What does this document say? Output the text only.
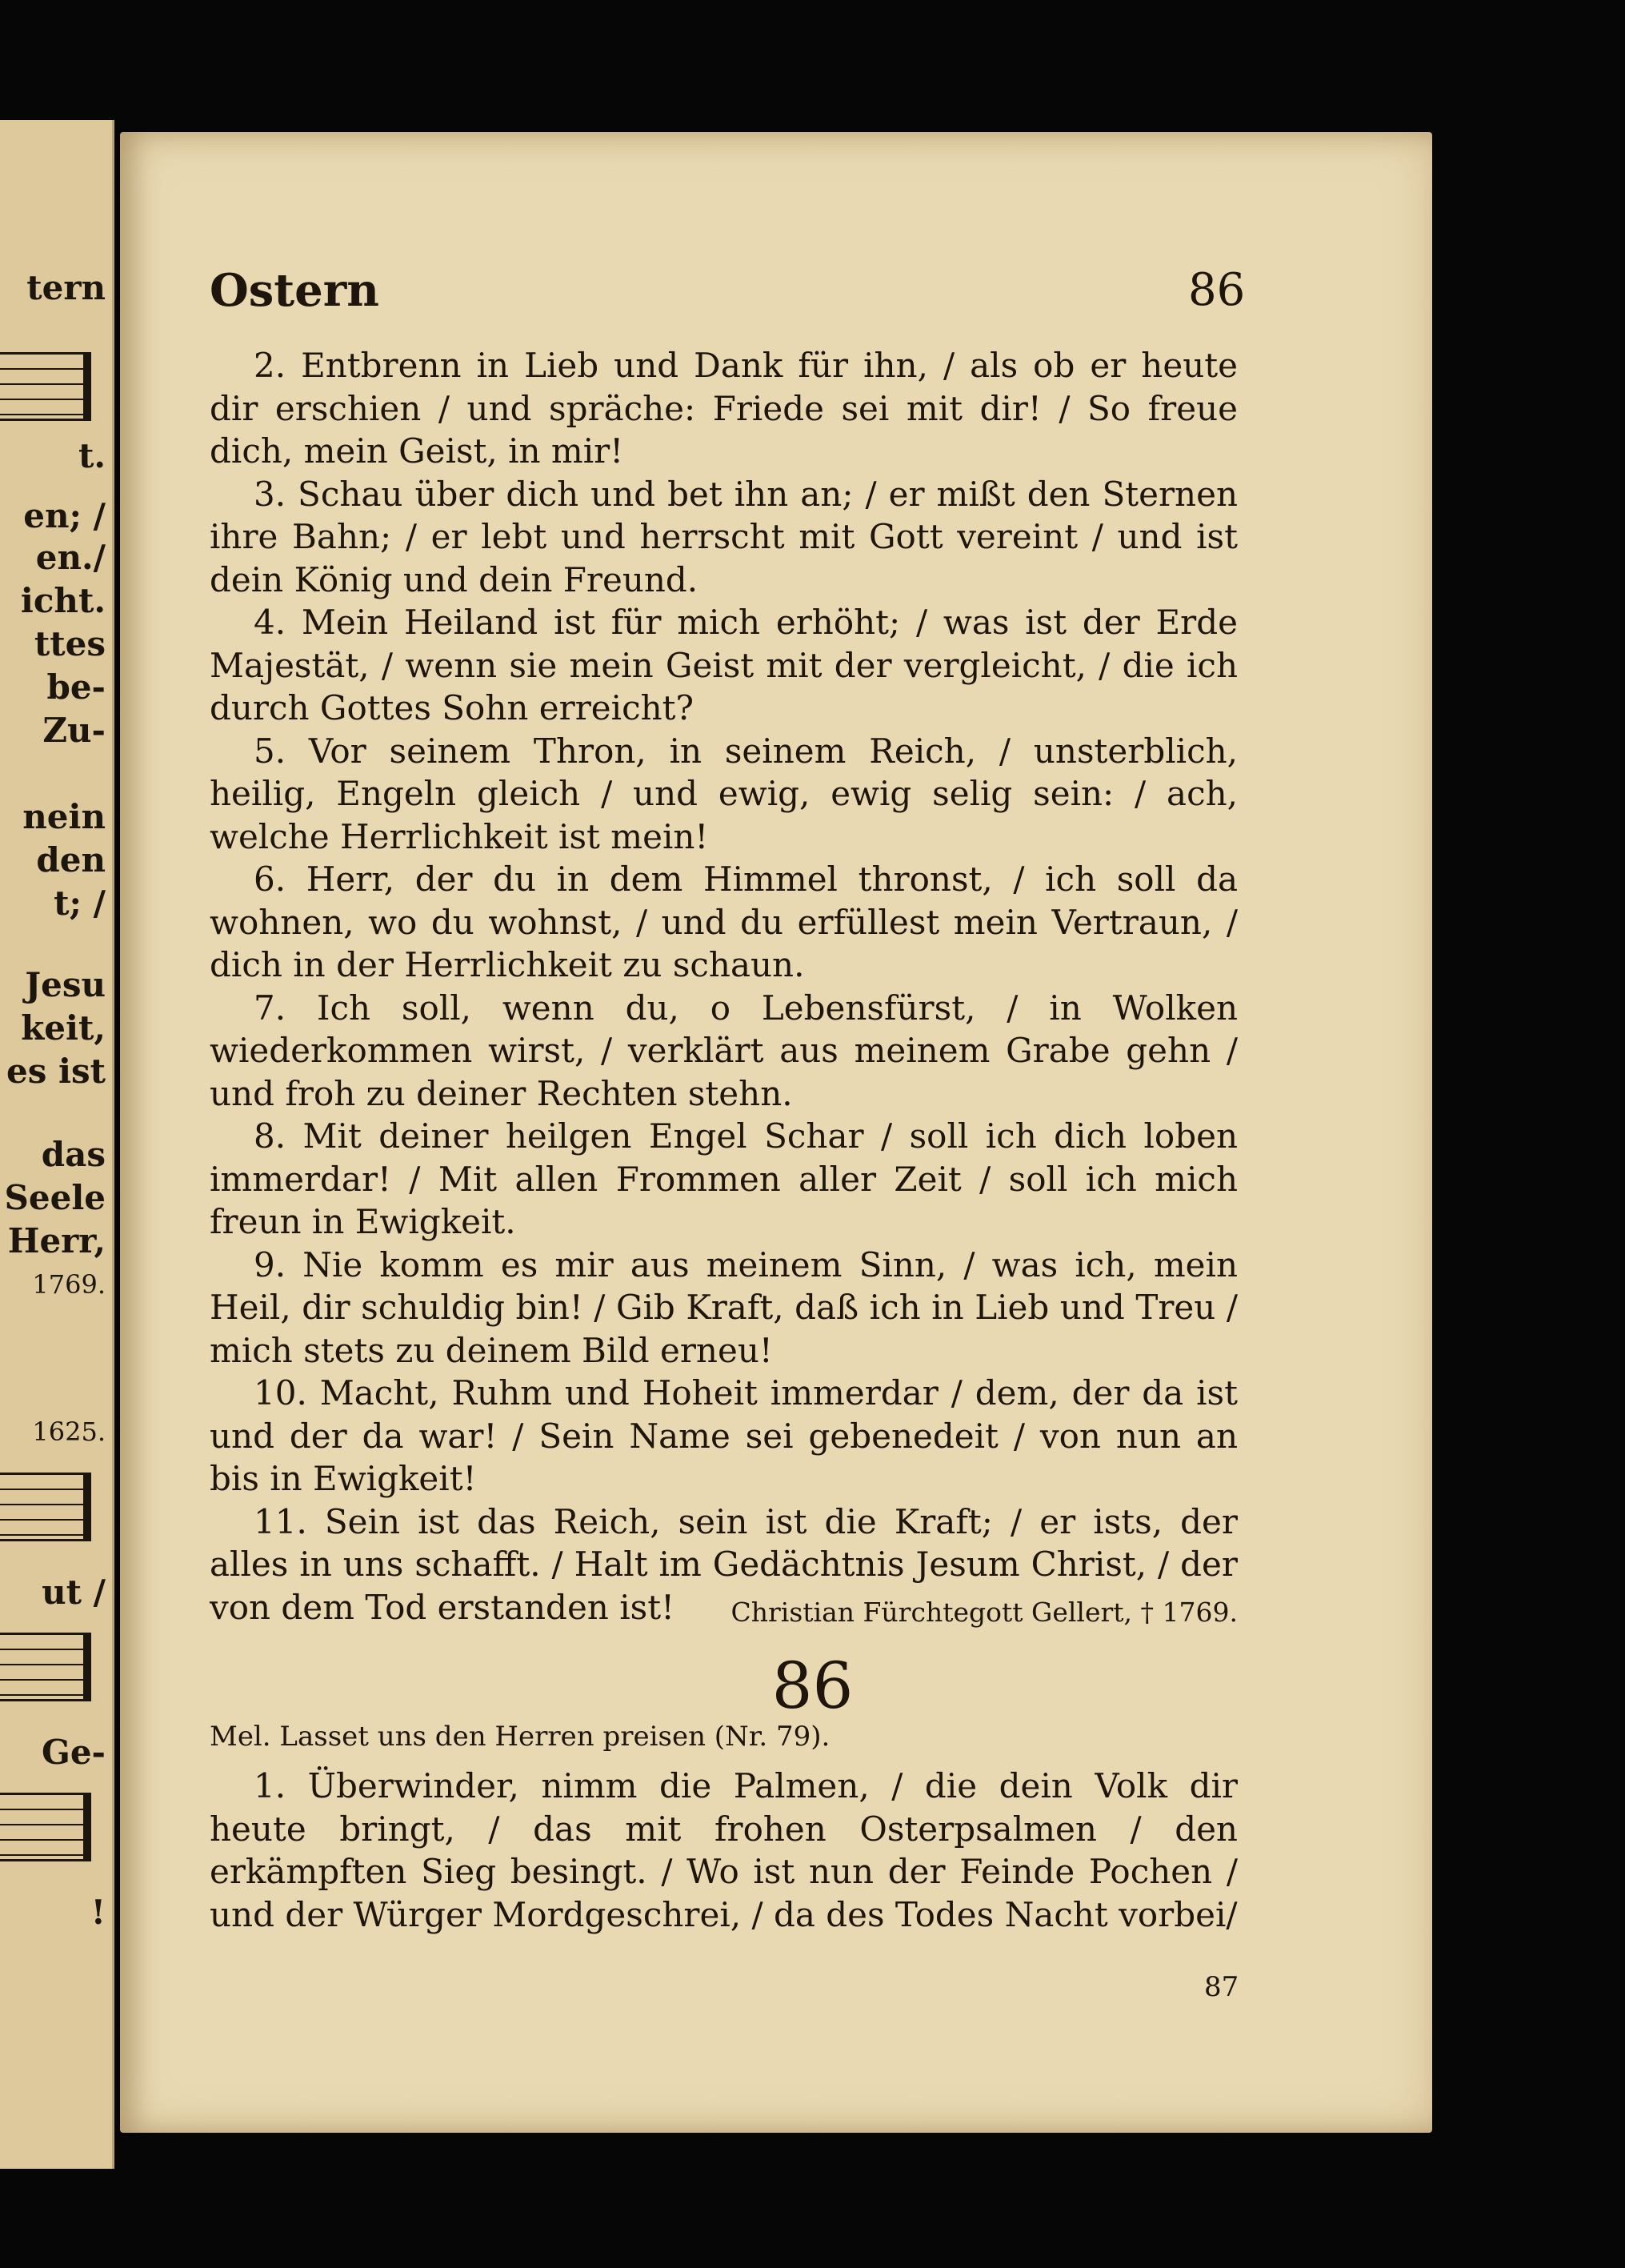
tern
t.
en; /
en./
icht.
ttes
be-
Zu-
nein
den
t; /
Jesu
keit,
es ist
das
Seele
Herr,
1769.
1625.
ut /
Ge-
!
Ostern	86

2. Entbrenn in Lieb und Dank für ihn, / als ob er heute dir erschien / und spräche: Friede sei mit dir! / So freue dich, mein Geist, in mir!

3. Schau über dich und bet ihn an; / er mißt den Sternen ihre Bahn; / er lebt und herrscht mit Gott vereint / und ist dein König und dein Freund.

4. Mein Heiland ist für mich erhöht; / was ist der Erde Majestät, / wenn sie mein Geist mit der vergleicht, / die ich durch Gottes Sohn erreicht?

5. Vor seinem Thron, in seinem Reich, / unsterblich, heilig, Engeln gleich / und ewig, ewig selig sein: / ach, welche Herrlichkeit ist mein!

6. Herr, der du in dem Himmel thronst, / ich soll da wohnen, wo du wohnst, / und du erfüllest mein Vertraun, / dich in der Herrlichkeit zu schaun.

7. Ich soll, wenn du, o Lebensfürst, / in Wolken wiederkommen wirst, / verklärt aus meinem Grabe gehn / und froh zu deiner Rechten stehn.

8. Mit deiner heilgen Engel Schar / soll ich dich loben immerdar! / Mit allen Frommen aller Zeit / soll ich mich freun in Ewigkeit.

9. Nie komm es mir aus meinem Sinn, / was ich, mein Heil, dir schuldig bin! / Gib Kraft, daß ich in Lieb und Treu / mich stets zu deinem Bild erneu!

10. Macht, Ruhm und Hoheit immerdar / dem, der da ist und der da war! / Sein Name sei gebenedeit / von nun an bis in Ewigkeit!

11. Sein ist das Reich, sein ist die Kraft; / er ists, der alles in uns schafft. / Halt im Gedächtnis Jesum Christ, / der von dem Tod erstanden ist!	Christian Fürchtegott Gellert, † 1769.

86
Mel. Lasset uns den Herren preisen (Nr. 79).

1. Überwinder, nimm die Palmen, / die dein Volk dir heute bringt, / das mit frohen Osterpsalmen / den erkämpften Sieg besingt. / Wo ist nun der Feinde Pochen / und der Würger Mordgeschrei, / da des Todes Nacht vorbei/

87
